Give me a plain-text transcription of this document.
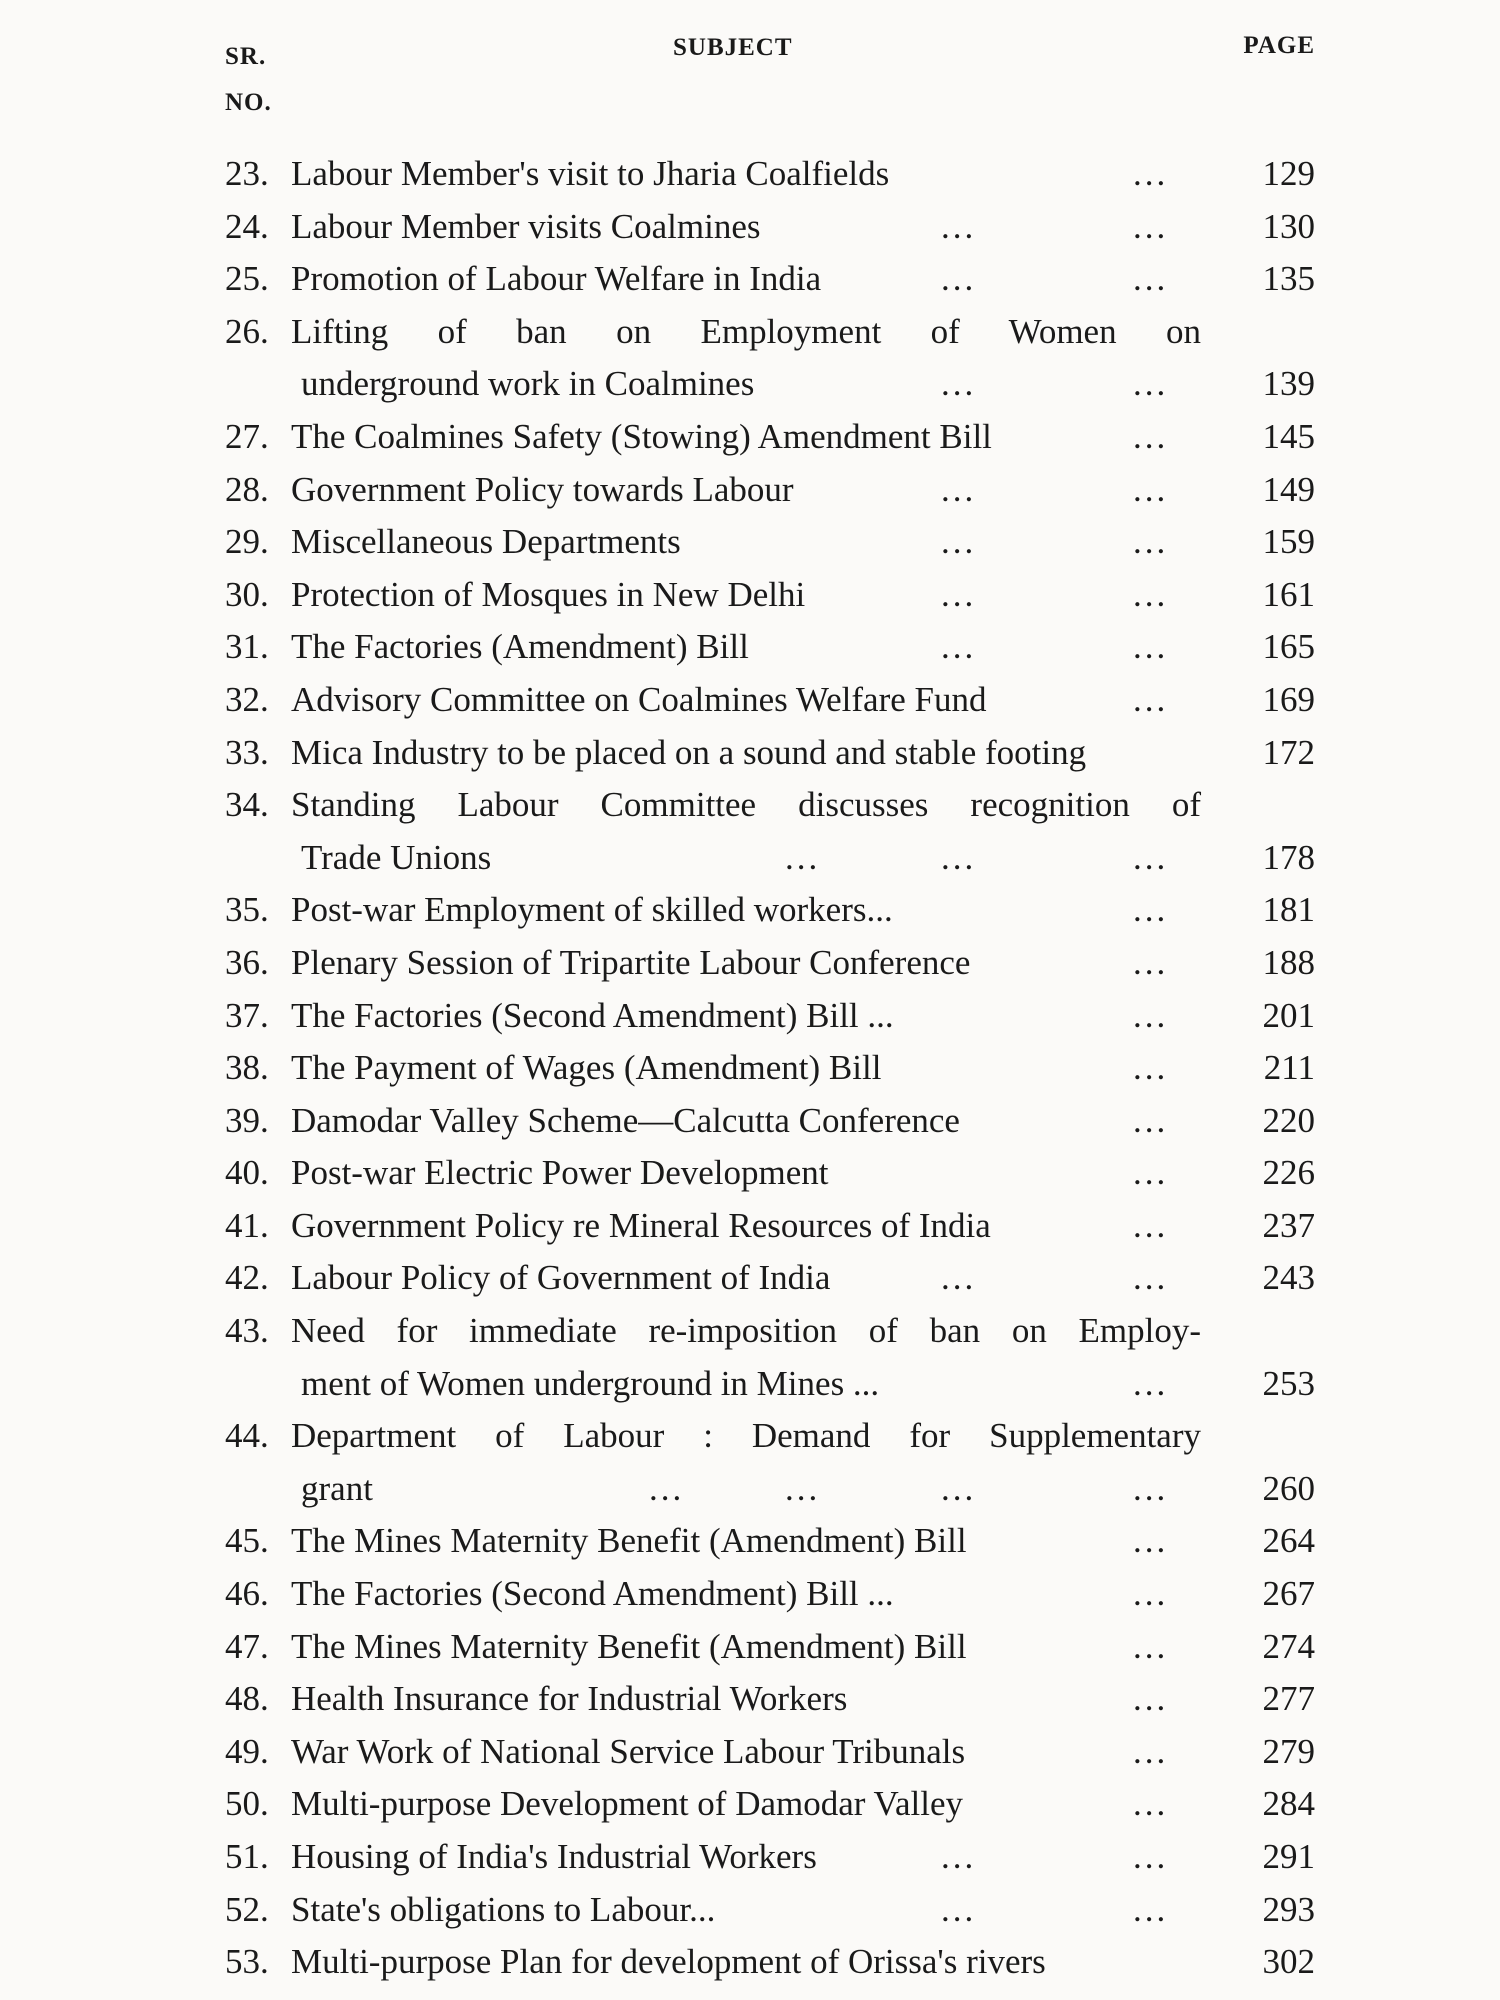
SR. NO.
SUBJECT	PAGE
23. Labour Member's visit to Jharia Coalfields	...	129
24. Labour Member visits Coalmines	...	...	130
25. Promotion of Labour Welfare in India	...	...	135
26. Lifting of ban on Employment of Women on
underground work in Coalmines	...	...	139
27. The Coalmines Safety (Stowing) Amendment Bill	...	145
28. Government Policy towards Labour	...	...	149
29. Miscellaneous Departments	...	...	159
30. Protection of Mosques in New Delhi	...	...	161
31. The Factories (Amendment) Bill	...	...	165
32. Advisory Committee on Coalmines Welfare Fund	...	169
33. Mica Industry to be placed on a sound and stable footing	172
34. Standing Labour Committee discusses recognition of
Trade Unions	...	...	...	178
35. Post-war Employment of skilled workers...	...	181
36. Plenary Session of Tripartite Labour Conference	...	188
37. The Factories (Second Amendment) Bill ...	...	201
38. The Payment of Wages (Amendment) Bill	...	211
39. Damodar Valley Scheme—Calcutta Conference	...	220
40. Post-war Electric Power Development	...	226
41. Government Policy re Mineral Resources of India	...	237
42. Labour Policy of Government of India	...	...	243
43. Need for immediate re-imposition of ban on Employ-
ment of Women underground in Mines ...	...	253
44. Department of Labour : Demand for Supplementary
grant	...	...	...	...	260
45. The Mines Maternity Benefit (Amendment) Bill	...	264
46. The Factories (Second Amendment) Bill ...	...	267
47. The Mines Maternity Benefit (Amendment) Bill	...	274
48. Health Insurance for Industrial Workers	...	277
49. War Work of National Service Labour Tribunals	...	279
50. Multi-purpose Development of Damodar Valley	...	284
51. Housing of India's Industrial Workers	...	...	291
52. State's obligations to Labour...	...	...	293
53. Multi-purpose Plan for development of Orissa's rivers	302
